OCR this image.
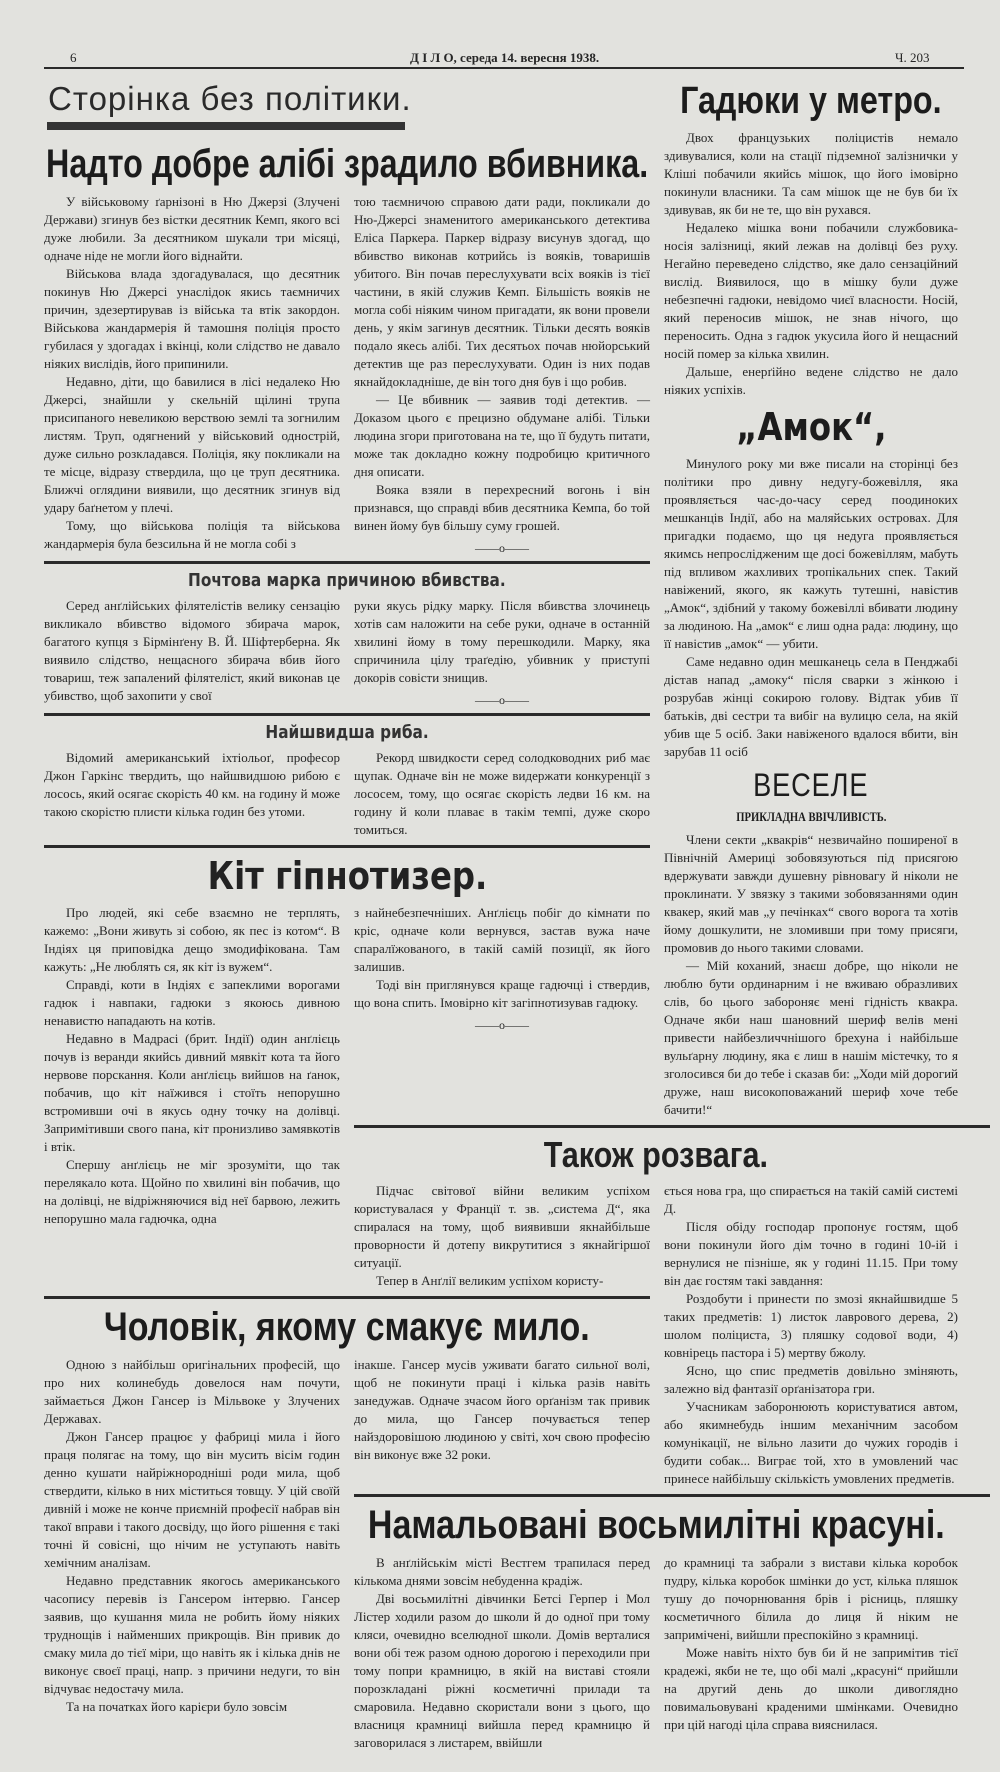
6	Д І Л О, середа 14. вересня 1938.	Ч. 203
Сторінка без політики.	Гадюки у метро.

Двох французьких поліцистів немало здивувалися, коли на стації підземної залізнички у Кліші побачили якийсь мішок, що його імовірно покинули власники. Та сам мішок ще не був би їх здивував, як би не те, що він рухався.

Недалеко мішка вони побачили службовика-носія залізниці, який лежав на долівці без руху. Негайно переведено слідство, яке дало сензаційний вислід. Виявилося, що в мішку були дуже небезпечні гадюки, невідомо чиєї власности. Носій, який переносив мішок, не знав нічого, що переносить. Одна з гадюк укусила його й нещасний носій помер за кілька хвилин.

Дальше, енерґійно ведене слідство не дало ніяких успіхів.

„Амок“,

Минулого року ми вже писали на сторінці без політики про дивну недугу-божевілля, яка проявляється час-до-часу серед поодиноких мешканців Індії, або на маляйських островах. Для пригадки подаємо, що ця недуга проявляється якимсь непрослідженим ще досі божевіллям, мабуть під впливом жахливих тропікальних спек. Такий навіжений, якого, як кажуть тутешні, навістив „Амок“, здібний у такому божевіллі вбивати людину за людиною. На „амок“ є лиш одна рада: людину, що її навістив „амок“ — убити.

Саме недавно один мешканець села в Пенджабі дістав напад „амоку“ після сварки з жінкою і розрубав жінці сокирою голову. Відтак убив її батьків, дві сестри та вибіг на вулицю села, на якій убив ще 5 осіб. Заки навіженого вдалося вбити, він зарубав 11 осіб

ВЕСЕЛЕ
ПРИКЛАДНА ВВІЧЛИВІСТЬ.

Члени секти „квакрів“ незвичайно поширеної в Північній Америці зобовязуються під присягою вдержувати завжди душевну рівновагу й ніколи не проклинати. У звязку з такими зобовязаннями один квакер, який мав „у печінках“ свого ворога та хотів йому дошкулити, не зломивши при тому присяги, промовив до нього такими словами.

— Мій коханий, знаєш добре, що ніколи не люблю бути ординарним і не вживаю образливих слів, бо цього забороняє мені гідність квакра. Одначе якби наш шановний шериф велів мені привести найбезличчнішого брехуна і найбільше вульґарну людину, яка є лиш в нашім містечку, то я зголосився би до тебе і сказав би: „Ходи мій дорогий друже, наш високоповажаний шериф хоче тебе бачити!“

Надто добре алібі зрадило вбивника.

У військовому ґарнізоні в Ню Джерзі (Злучені Держави) згинув без вістки десятник Кемп, якого всі дуже любили. За десятником шукали три місяці, одначе ніде не могли його віднайти.

Військова влада здогадувалася, що десятник покинув Ню Джерсі унаслідок якись таємничих причин, здезертирував із війська та втік закордон. Військова жандармерія й тамошня поліція просто губилася у здогадах і вкінці, коли слідство не давало ніяких вислідів, його припинили.

Недавно, діти, що бавилися в лісі недалеко Ню Джерсі, знайшли у скельній щілині трупа присипаного невеликою верствою землі та зогнилим листям. Труп, одягнений у військовий однострій, дуже сильно розкладався. Поліція, яку покликали на те місце, відразу ствердила, що це труп десятника. Ближчі оглядини виявили, що десятник згинув від удару баґнетом у плечі.

Тому, що військова поліція та військова жандармерія була безсильна й не могла собі з

тою таємничою справою дати ради, покликали до Ню-Джерсі знаменитого американського детектива Еліса Паркера. Паркер відразу висунув здогад, що вбивство виконав котрийсь із вояків, товаришів убитого. Він почав переслухувати всіх вояків із тієї частини, в якій служив Кемп. Більшість вояків не могла собі ніяким чином пригадати, як вони провели день, у якім загинув десятник. Тільки десять вояків подало якесь алібі. Тих десятьох почав нюйорський детектив ще раз переслухувати. Один із них подав якнайдокладніше, де він того дня був і що робив.

— Це вбивник — заявив тоді детектив. — Доказом цього є прецизно обдумане алібі. Тільки людина згори приготована на те, що її будуть питати, може так докладно кожну подробицю критичного дня описати.

Вояка взяли в перехресний вогонь і він признався, що справді вбив десятника Кемпа, бо той винен йому був більшу суму грошей.

——o——
Почтова марка причиною вбивства.

Серед анґлійських філятелістів велику сензацію викликало вбивство відомого збирача марок, багатого купця з Бірмінґену В. Й. Шіфтерберна. Як виявило слідство, нещасного збирача вбив його товариш, теж запалений філятеліст, який виконав це убивство, щоб захопити у свої

руки якусь рідку марку. Після вбивства злочинець хотів сам наложити на себе руки, одначе в останній хвилині йому в тому перешкодили. Марку, яка спричинила цілу траґедію, убивник у приступі докорів совісти знищив.

——o——
Найшвидша риба.

Відомий американський іхтіольоґ, професор Джон Гаркінс твердить, що найшвидшою рибою є лосось, який осягає скорість 40 км. на годину й може такою скорістю плисти кілька годин без утоми.

Рекорд швидкости серед солодководних риб має щупак. Одначе він не може видержати конкуренції з лососем, тому, що осягає скорість ледви 16 км. на годину й коли плаває в такім темпі, дуже скоро томиться.

Кіт гіпнотизер.

Про людей, які себе взаємно не терплять, кажемо: „Вони живуть зі собою, як пес із котом“. В Індіях ця приповідка дещо змодифікована. Там кажуть: „Не люблять ся, як кіт із вужем“.

Справді, коти в Індіях є запеклими ворогами гадюк і навпаки, гадюки з якоюсь дивною ненавистю нападають на котів.

Недавно в Мадрасі (брит. Індії) один анґлієць почув із веранди якийсь дивний мявкіт кота та його нервове порскання. Коли анґлієць вийшов на ґанок, побачив, що кіт наїжився і стоїть непорушно встромивши очі в якусь одну точку на долівці. Запримітивши свого пана, кіт пронизливо замявкотів і втік.

Спершу анґлієць не міг зрозуміти, що так перелякало кота. Щойно по хвилині він побачив, що на долівці, не відріжняючися від неї барвою, лежить непорушно мала гадючка, одна

з найнебезпечніших. Анґлієць побіг до кімнати по кріс, одначе коли вернувся, застав вужа наче спаралїжованого, в такій самій позиції, як його залишив.

Тоді він приглянувся краще гадючці і ствердив, що вона спить. Імовірно кіт загіпнотизував гадюку.

——o——
Також розвага.

Підчас світової війни великим успіхом користувалася у Франції т. зв. „система Д“, яка спиралася на тому, щоб виявивши якнайбільше проворности й дотепу викрутитися з якнайгіршої ситуації.

Тепер в Анґлії великим успіхом користу-

ється нова гра, що спирається на такій самій системі Д.

Після обіду господар пропонує гостям, щоб вони покинули його дім точно в годині 10-ій і вернулися не пізніше, як у годині 11.15. При тому він дає гостям такі завдання:

Роздобути і принести по змозі якнайшвидше 5 таких предметів: 1) листок лаврового дерева, 2) шолом поліциста, 3) пляшку содової води, 4) ковнірець пастора і 5) мертву бжолу.

Ясно, що спис предметів довільно зміняють, залежно від фантазії орґанізатора гри.

Учасникам заборонюють користуватися автом, або якимнебудь іншим механічним засобом комунікації, не вільно лазити до чужих городів і будити собак... Виграє той, хто в умовлений час принесе найбільшу скількість умовлених предметів.

Чоловік, якому смакує мило.

Одною з найбільш оригінальних професій, що про них колинебудь довелося нам почути, займається Джон Гансер із Мільвоке у Злучених Державах.

Джон Гансер працює у фабриці мила і його праця полягає на тому, що він мусить вісім годин денно кушати найріжнородніші роди мила, щоб ствердити, кілько в них міститься товщу. У цій своїй дивній і може не конче приємній професії набрав він такої вправи і такого досвіду, що його рішення є такі точні й совісні, що нічим не уступають навіть хемічним аналізам.

Недавно представник якогось американського часопису перевів із Гансером інтервю. Гансер заявив, що кушання мила не робить йому ніяких труднощів і найменших прикрощів. Він привик до смаку мила до тієї міри, що навіть як і кілька днів не виконує своєї праці, напр. з причини недуги, то він відчуває недостачу мила.

Та на початках його карієри було зовсім

інакше. Гансер мусів уживати багато сильної волі, щоб не покинути праці і кілька разів навіть занедужав. Одначе зчасом його орґанізм так привик до мила, що Гансер почувається тепер найздоровішою людиною у світі, хоч свою професію він виконує вже 32 роки.

Намальовані восьмилітні красуні.

В анґлійськім місті Вестгем трапилася перед кількома днями зовсім небуденна крадіж.

Дві восьмилітні дівчинки Бетсі Герпер і Мол Лістер ходили разом до школи й до одної при тому кляси, очевидно вселюдної школи. Домів верталися вони обі теж разом одною дорогою і переходили при тому попри крамницю, в якій на виставі стояли порозкладані ріжні косметичні прилади та смаровила. Недавно скористали вони з цього, що власниця крамниці вийшла перед крамницю й заговорилася з листарем, ввійшли

до крамниці та забрали з вистави кілька коробок пудру, кілька коробок шмінки до уст, кілька пляшок тушу до почорнювання брів і рісниць, пляшку косметичного білила до лиця й ніким не запримічені, вийшли преспокійно з крамниці.

Може навіть ніхто був би й не запримітив тієї крадежі, якби не те, що обі малі „красуні“ прийшли на другий день до школи дивоглядно повимальовувані краденими шмінками. Очевидно при цій нагоді ціла справа вияснилася.
